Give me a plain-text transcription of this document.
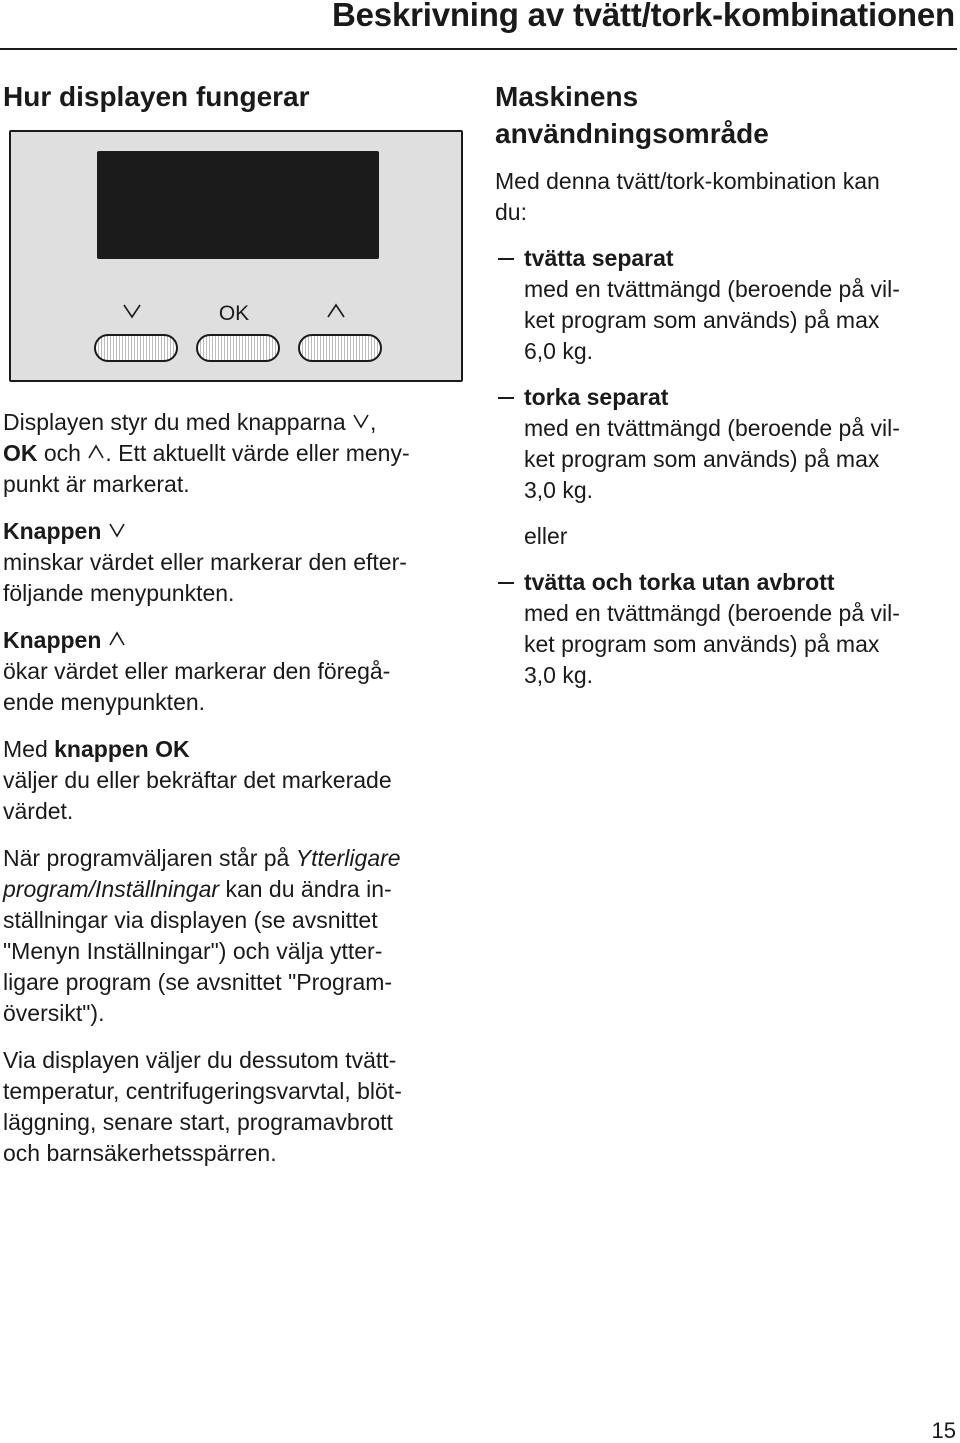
Beskrivning av tvätt/tork-kombinationen
Hur displayen fungerar
OK

Displayen styr du med knapparna ,
OK och . Ett aktuellt värde eller meny-
punkt är markerat.

Knappen
minskar värdet eller markerar den efter-
följande menypunkten.

Knappen
ökar värdet eller markerar den föregå-
ende menypunkten.

Med knappen OK
väljer du eller bekräftar det markerade
värdet.

När programväljaren står på Ytterligare
program/Inställningar kan du ändra in-
ställningar via displayen (se avsnittet
"Menyn Inställningar") och välja ytter-
ligare program (se avsnittet "Program-
översikt").

Via displayen väljer du dessutom tvätt-
temperatur, centrifugeringsvarvtal, blöt-
läggning, senare start, programavbrott
och barnsäkerhetsspärren.

Maskinens
användningsområde

Med denna tvätt/tork-kombination kan
du:

tvätta separat

med en tvättmängd (beroende på vil-
ket program som används) på max
6,0 kg.

torka separat

med en tvättmängd (beroende på vil-
ket program som används) på max
3,0 kg.

eller

tvätta och torka utan avbrott

med en tvättmängd (beroende på vil-
ket program som används) på max
3,0 kg.

15
